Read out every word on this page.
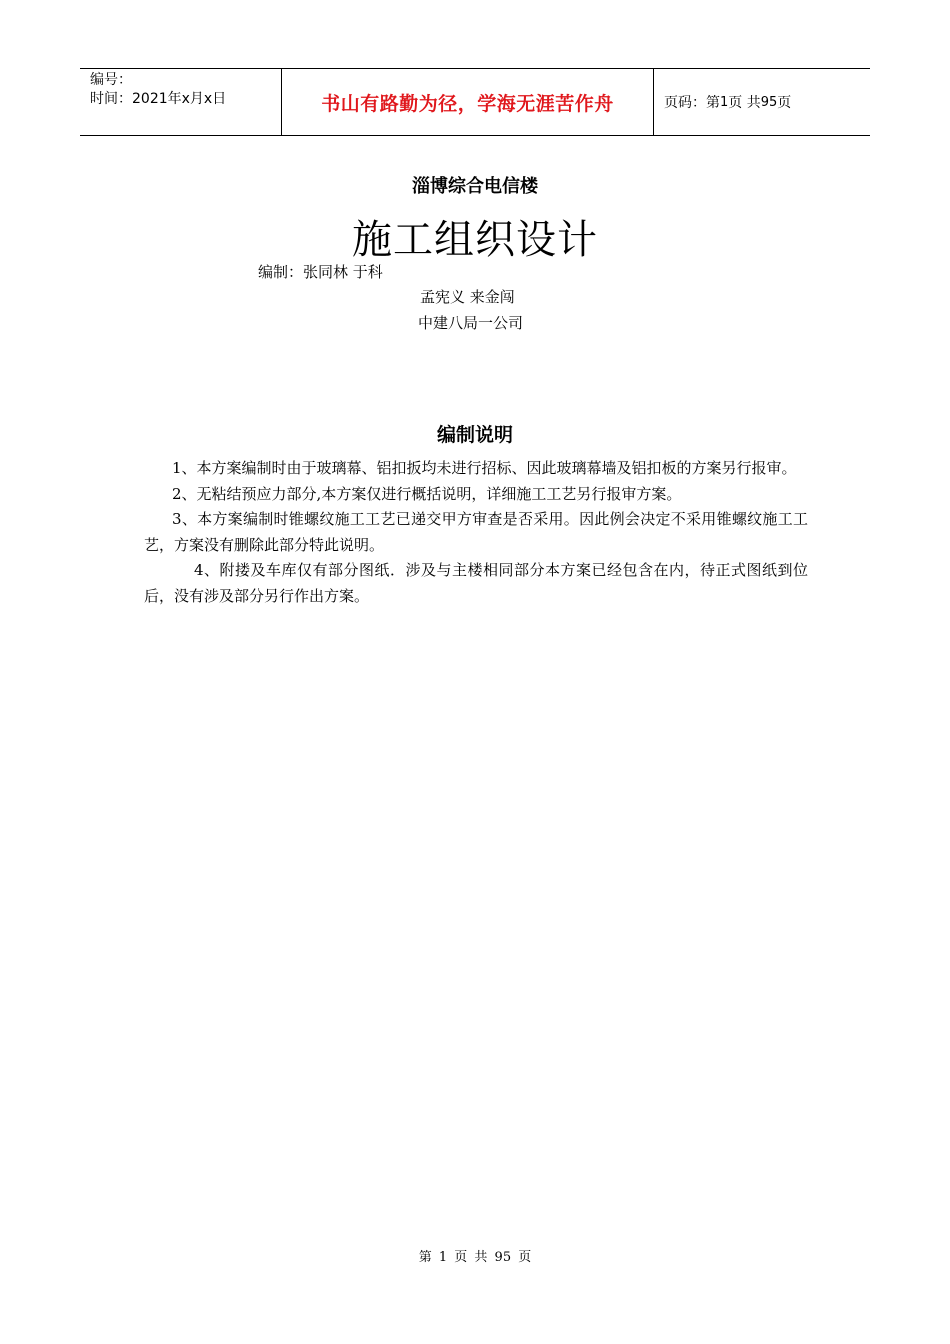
编号：
时间：2021年x月x日	书山有路勤为径，学海无涯苦作舟	页码：第 1 页 共 95 页
淄博综合电信楼
施工组织设计
编制：张同林 于科
孟宪义 来金闯
中建八局一公司
编制说明

1、本方案编制时由于玻璃幕、铝扣扳均未进行招标、因此玻璃幕墙及铝扣板的方案另行报审。

2、无粘结预应力部分,本方案仅进行概括说明，详细施工工艺另行报审方案。

3、本方案编制时锥螺纹施工工艺已递交甲方审查是否采用。因此例会决定不采用锥螺纹施工工艺，方案没有删除此部分特此说明。

4、附搂及车库仅有部分图纸．涉及与主楼相同部分本方案已经包含在内，待正式图纸到位后，没有涉及部分另行作出方案。

第 1 页 共 95 页
